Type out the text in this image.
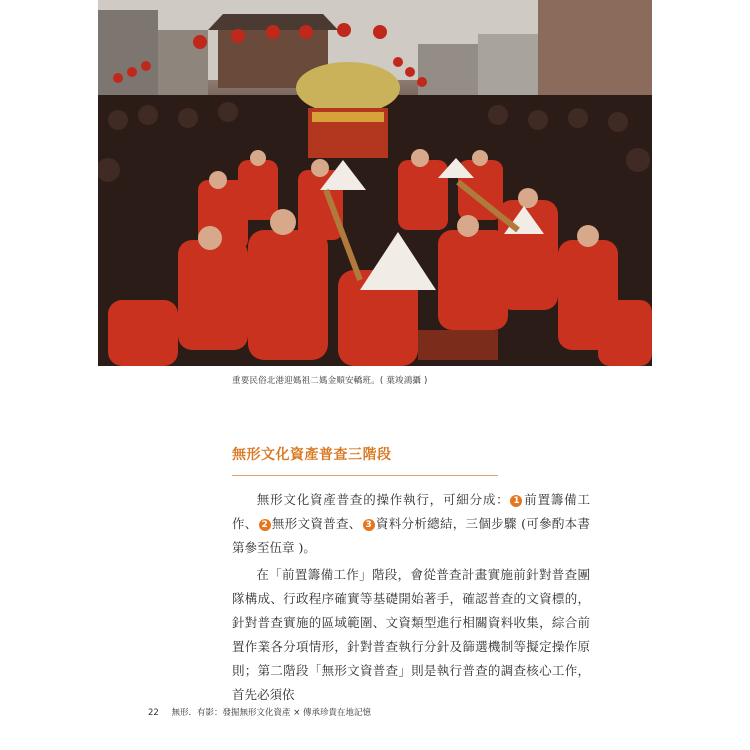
重要民俗北港迎媽祖二媽金順安轎班。( 葉竣鴻攝 )
無形文化資產普查三階段

無形文化資產普查的操作執行，可細分成： 1 前置籌備工作、 2 無形文資普查、 3 資料分析總結，三個步驟 (可參酌本書第參至伍章 )。

在「前置籌備工作」階段，會從普查計畫實施前針對普查團隊構成、行政程序確實等基礎開始著手，確認普查的文資標的，針對普查實施的區域範圍、文資類型進行相關資料收集，綜合前置作業各分項情形，針對普查執行分針及篩選機制等擬定操作原則；第二階段「無形文資普查」則是執行普查的調查核心工作，首先必須依

22 無形．有影：發掘無形文化資產 × 傳承珍貴在地記憶
